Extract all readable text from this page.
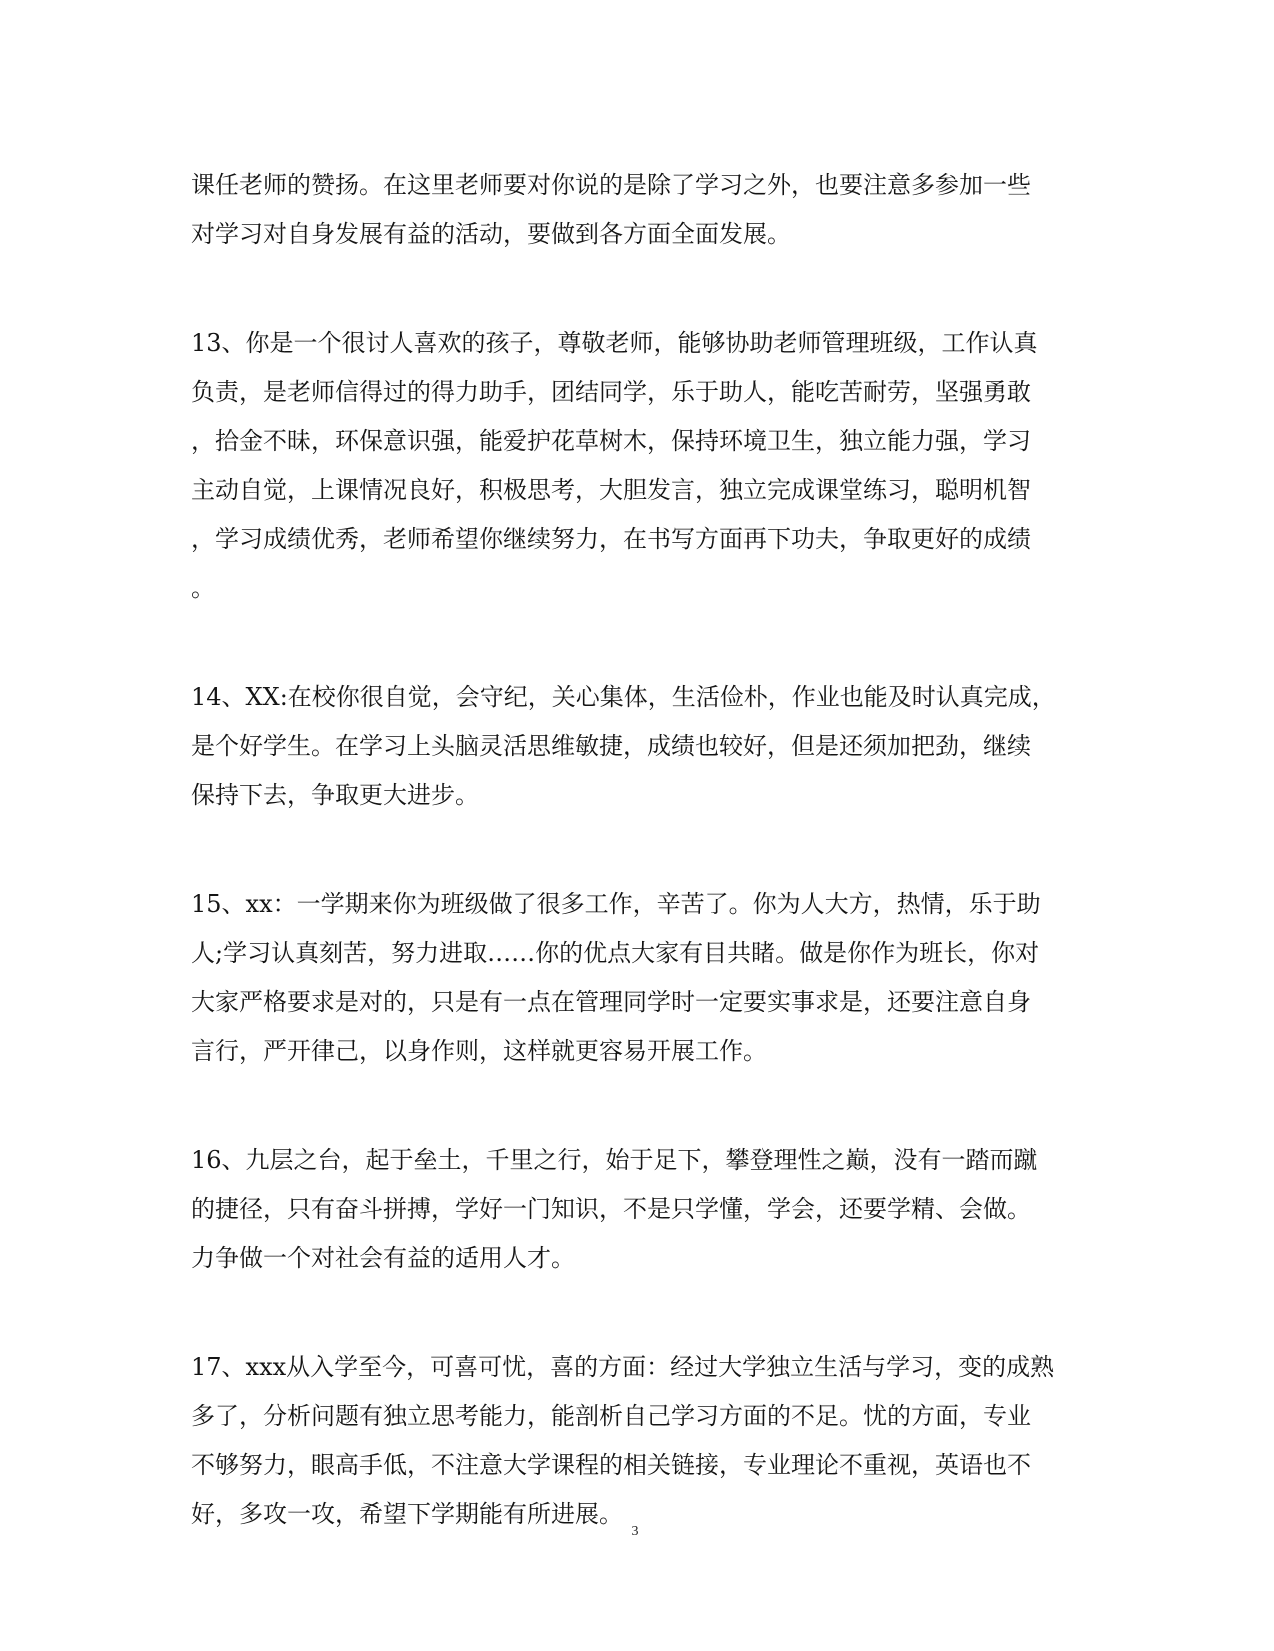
课任老师的赞扬。在这里老师要对你说的是除了学习之外，也要注意多参加一些
对学习对自身发展有益的活动，要做到各方面全面发展。
13、你是一个很讨人喜欢的孩子，尊敬老师，能够协助老师管理班级，工作认真
负责，是老师信得过的得力助手，团结同学，乐于助人，能吃苦耐劳，坚强勇敢
，拾金不昧，环保意识强，能爱护花草树木，保持环境卫生，独立能力强，学习
主动自觉，上课情况良好，积极思考，大胆发言，独立完成课堂练习，聪明机智
，学习成绩优秀，老师希望你继续努力，在书写方面再下功夫，争取更好的成绩
。
14、XX:在校你很自觉，会守纪，关心集体，生活俭朴，作业也能及时认真完成，
是个好学生。在学习上头脑灵活思维敏捷，成绩也较好，但是还须加把劲，继续
保持下去，争取更大进步。
15、xx：一学期来你为班级做了很多工作，辛苦了。你为人大方，热情，乐于助
人;学习认真刻苦，努力进取……你的优点大家有目共睹。做是你作为班长，你对
大家严格要求是对的，只是有一点在管理同学时一定要实事求是，还要注意自身
言行，严开律己，以身作则，这样就更容易开展工作。
16、九层之台，起于垒土，千里之行，始于足下，攀登理性之巅，没有一踏而蹴
的捷径，只有奋斗拼搏，学好一门知识，不是只学懂，学会，还要学精、会做。
力争做一个对社会有益的适用人才。
17、xxx从入学至今，可喜可忧，喜的方面：经过大学独立生活与学习，变的成熟
多了，分析问题有独立思考能力，能剖析自己学习方面的不足。忧的方面，专业
不够努力，眼高手低，不注意大学课程的相关链接，专业理论不重视，英语也不
好，多攻一攻，希望下学期能有所进展。
3
